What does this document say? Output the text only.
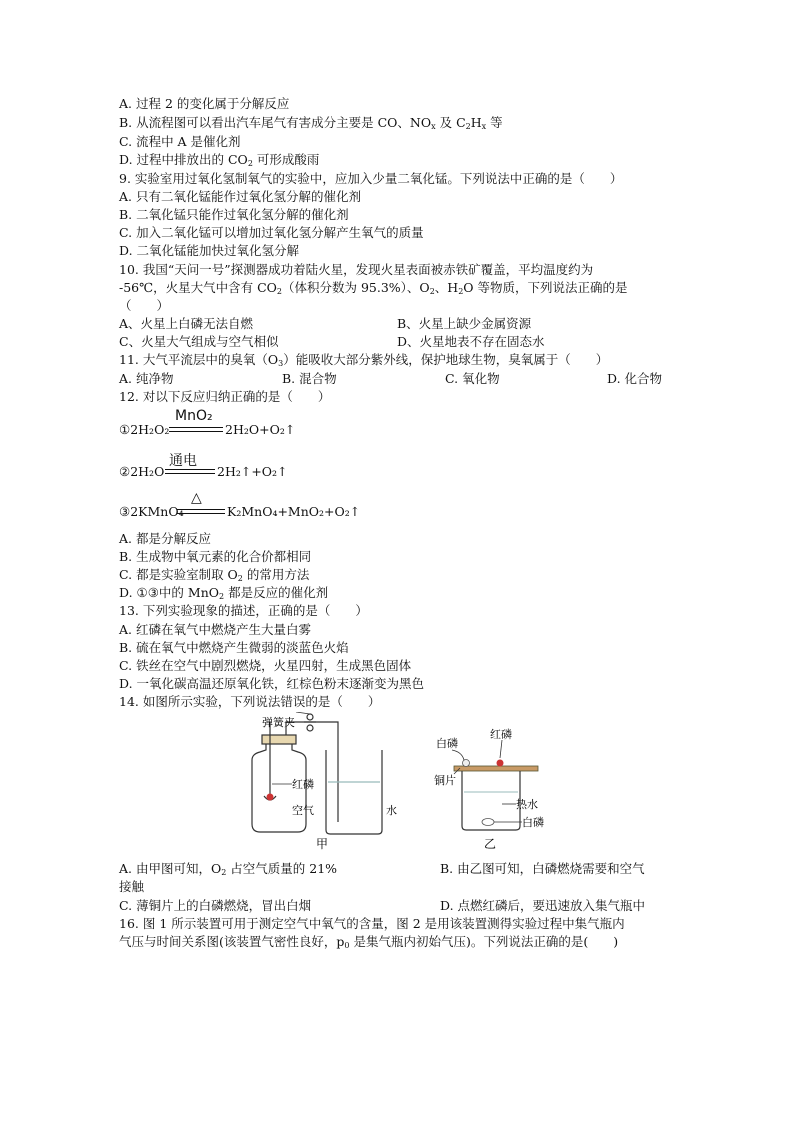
A. 过程 2 的变化属于分解反应
B. 从流程图可以看出汽车尾气有害成分主要是 CO、$NO_x$ 及 $C_2H_x$ 等
C. 流程中 A 是催化剂
D. 过程中排放出的 $CO_2$ 可形成酸雨
9. 实验室用过氧化氢制氧气的实验中，应加入少量二氧化锰。下列说法中正确的是（　　）
A. 只有二氧化锰能作过氧化氢分解的催化剂
B. 二氧化锰只能作过氧化氢分解的催化剂
C. 加入二氧化锰可以增加过氧化氢分解产生氧气的质量
D. 二氧化锰能加快过氧化氢分解
10. 我国“天问一号”探测器成功着陆火星，发现火星表面被赤铁矿覆盖，平均温度约为
-56℃，火星大气中含有 $CO_2$（体积分数为 95.3%）、$O_2$、$H_2O$ 等物质，下列说法正确的是
（　　）
A、火星上白磷无法自燃	B、火星上缺少金属资源
C、火星大气组成与空气相似	D、火星地表不存在固态水
11. 大气平流层中的臭氧$(O_3)$能吸收大部分紫外线，保护地球生物，臭氧属于（　　）
A. 纯净物	B. 混合物	C. 氧化物	D. 化合物
12. 对以下反应归纳正确的是（　　）
①2H₂O₂
MnO₂
2H₂O+O₂↑
②2H₂O
通电
2H₂↑+O₂↑
③2KMnO₄
△
K₂MnO₄+MnO₂+O₂↑
A. 都是分解反应
B. 生成物中氧元素的化合价都相同
C. 都是实验室制取 $O_2$ 的常用方法
D. ①③中的 MnO$_2$ 都是反应的催化剂
13. 下列实验现象的描述，正确的是（　　）
A. 红磷在氧气中燃烧产生大量白雾
B. 硫在氧气中燃烧产生微弱的淡蓝色火焰
C. 铁丝在空气中剧烈燃烧，火星四射，生成黑色固体
D. 一氧化碳高温还原氧化铁，红棕色粉末逐渐变为黑色
14. 如图所示实验，下列说法错误的是（　　）
弹簧夹
红磷
空气	水
甲
白磷
红磷
铜片
热水
白磷
乙
A. 由甲图可知，$O_2$ 占空气质量的 21%	B. 由乙图可知，白磷燃烧需要和空气
接触
C. 薄铜片上的白磷燃烧，冒出白烟	D. 点燃红磷后，要迅速放入集气瓶中
16. 图 1 所示装置可用于测定空气中氧气的含量，图 2 是用该装置测得实验过程中集气瓶内
气压与时间关系图(该装置气密性良好，$p_0$ 是集气瓶内初始气压)。下列说法正确的是(　　)
